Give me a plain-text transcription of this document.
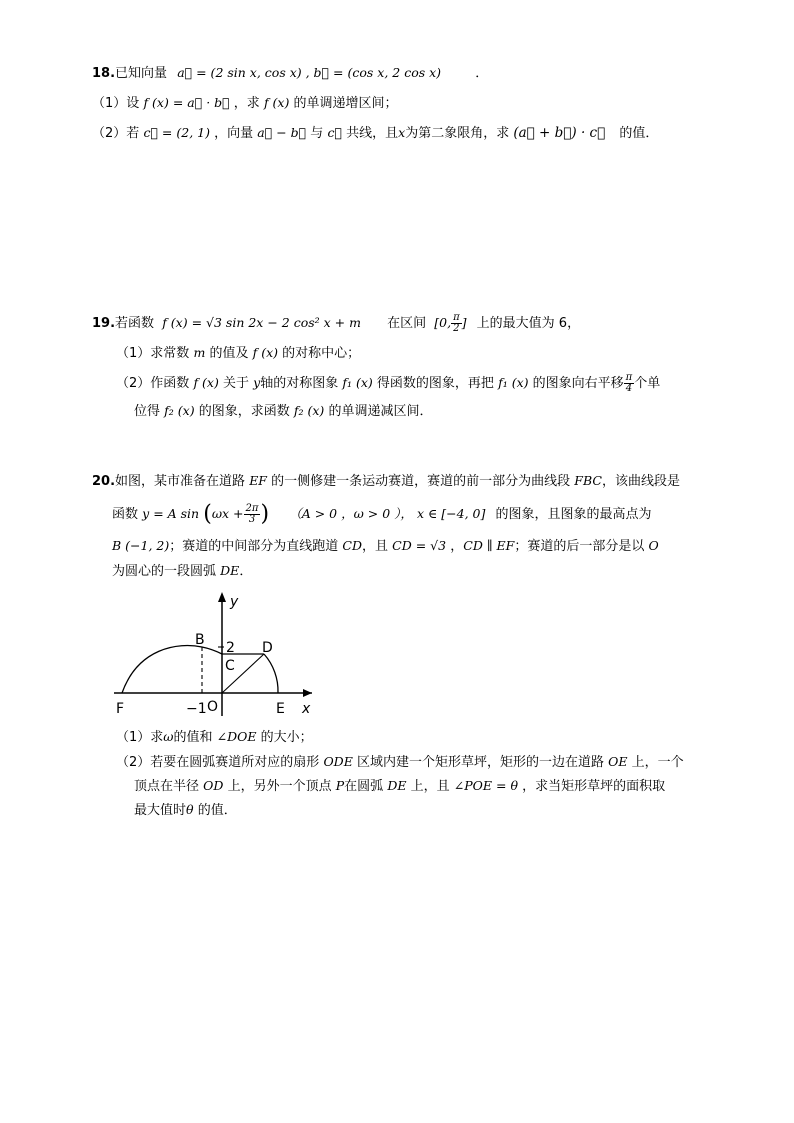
18.已知向量 a⃗ = (2 sin x, cos x) , b⃗ = (cos x, 2 cos x)	．
（1）设 f (x) = a⃗ · b⃗ ，求 f (x) 的单调递增区间；
（2）若 c⃗ = (2, 1) ，向量 a⃗ − b⃗ 与 c⃗ 共线，且x为第二象限角，求 (a⃗ + b⃗) · c⃗ 的值．
19.若函数 f (x) = √3 sin 2x − 2 cos² x + m 在区间 [0, $\frac{\pi}{2}$ ] 上的最大值为 6，
（1）求常数 m 的值及 f (x) 的对称中心；
（2）作函数 f (x) 关于 y轴的对称图象 f₁ (x) 得函数的图象，再把 f₁ (x) 的图象向右平移 $\frac{\pi}{4}$ 个单
位得 f₂ (x) 的图象，求函数 f₂ (x) 的单调递减区间．
20.如图，某市准备在道路 EF 的一侧修建一条运动赛道，赛道的前一部分为曲线段 FBC，该曲线段是
函数 y = A $\sin (\omega x + \frac{2\pi}{3}$ ) （A > 0 ，ω > 0 ）， x ∈ [−4, 0] 的图象，且图象的最高点为
B (−1, 2)；赛道的中间部分为直线跑道 CD，且 CD = √3 ，CD ∥ EF；赛道的后一部分是以 O
为圆心的一段圆弧 DE．
B 2
C
D
F	−1 O	E x
y
（1）求ω的值和 ∠DOE 的大小；
（2）若要在圆弧赛道所对应的扇形 ODE 区域内建一个矩形草坪，矩形的一边在道路 OE 上，一个
顶点在半径 OD 上，另外一个顶点 P在圆弧 DE 上，且 ∠POE = θ ，求当矩形草坪的面积取
最大值时θ 的值．
